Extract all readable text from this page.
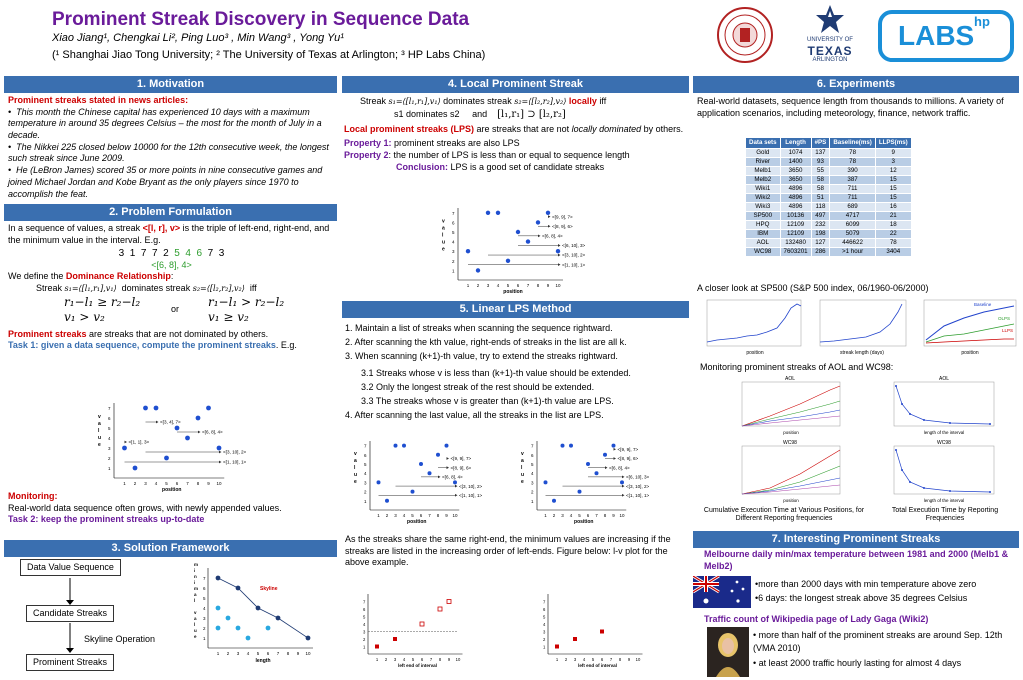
Prominent Streak Discovery in Sequence Data
Xiao Jiang¹, Chengkai Li², Ping Luo³ , Min Wang³ , Yong Yu¹
(¹ Shanghai Jiao Tong University; ² The University of Texas at Arlington; ³ HP Labs China)
UNIVERSITY OF
TEXAS
ARLINGTON
LABS hp
1. Motivation
Prominent streaks stated in news articles:
•  This month the Chinese capital has experienced 10 days with a maximum temperature in around 35 degrees Celsius – the most for the month of July in a decade.
•  The Nikkei 225 closed below 10000 for the 12th consecutive week, the longest such streak since June 2009.
•  He (LeBron James) scored 35 or more points in nine consecutive games and joined Michael Jordan and Kobe Bryant as the only players since 1970 to accomplish the feat.
2. Problem Formulation
In a sequence of values, a streak <[l, r], v> is the triple of left-end, right-end, and the minimum value in the interval. E.g.
3  1  7  7  2  5  4  6  7  3
<[6, 8], 4>
We define the Dominance Relationship:
Streak s₁=⟨[l₁,r₁],v₁⟩ dominates streak s₂=⟨[l₂,r₂],v₂⟩ iff
r₁−l₁ ≥ r₂−l₂
v₁ > v₂
or r₁−l₁ > r₂−l₂
v₁ ≥ v₂
Prominent streaks are streaks that are not dominated by others.
Task 1: given a data sequence, compute the prominent streaks. E.g.
1 2 3 4 5 6 7 8 9 10
1
2
3
4
5
6
7
position
v
a
l
u
e
<[3, 4], 7>
<[6, 8], 4>
<[1, 1], 3>
<[3, 10], 2>
<[1, 10], 1>
Monitoring:
Real-world data sequence often grows, with newly appended values.
Task 2: keep the prominent streaks up-to-date
3. Solution Framework
Data Value Sequence
Candidate Streaks
Skyline Operation
Prominent Streaks
1 2 3 4 5 6 7 8 9 10
1
2
3
4
5
6
7
length
m
i
n
i
m
a
l
v
a
l
u
e
Skyline
4. Local Prominent Streak
Streak s₁=⟨[l₁,r₁],v₁⟩ dominates streak s₂=⟨[l₂,r₂],v₂⟩ locally iff
s1 dominates s2 and [l₁,r₁] ⊃ [l₂,r₂]
Local prominent streaks (LPS) are streaks that are not locally dominated by others.
Property 1: prominent streaks are also LPS
Property 2: the number of LPS is less than or equal to sequence length
Conclusion: LPS is a good set of candidate streaks
1 2 3 4 5 6 7 8 9 10
1
2
3
4
5
6
7
position
v
a
l
u
e
<[9, 9], 7>
<[8, 9], 6>
<[6, 8], 4>
<[6, 10], 3>
<[3, 10], 2>
<[1, 10], 1>
5. Linear LPS Method
1. Maintain a list of streaks when scanning the sequence rightward.
2. After scanning the kth value, right-ends of streaks in the list are all k.
3. When scanning (k+1)-th value, try to extend the streaks rightward.
3.1 Streaks whose v is less than (k+1)-th value should be extended.
3.2 Only the longest streak of the rest should be extended.
3.3 The streaks whose v is greater than (k+1)-th value are LPS.
4. After scanning the last value, all the streaks in the list are LPS.
1 2 3 4 5 6 7 8 9 10
1
2
3
4
5
6
7
position
v
a
l
u
e
<[9, 9], 7>
<[8, 9], 6>
<[6, 8], 4>
<[3, 10], 2>
<[1, 10], 1>
1 2 3 4 5 6 7 8 9 10
1
2
3
4
5
6
7
position
v
a
l
u
e
<[9, 9], 7>
<[8, 9], 6>
<[6, 8], 4>
<[6, 10], 3>
<[3, 10], 2>
<[1, 10], 1>
As the streaks share the same right-end, the minimum values are increasing if the streaks are listed in the increasing order of left-ends. Figure below: l-v plot for the above example.
1 2 3 4 5 6 7 8 9 10
1
2
3
4
5
6
7
left end of interval
1 2 3 4 5 6 7 8 9 10
1
2
3
4
5
6
7
left end of interval
6. Experiments
Real-world datasets, sequence length from thousands to millions. A variety of application scenarios, including meteorology, finance, network traffic.
Data sets	Length	#PS	Baseline(ms)	LLPS(ms)
Gold	1074	137	78	9
River	1400	93	78	3
Melb1	3650	55	390	12
Melb2	3650	58	387	15
Wiki1	4896	58	711	15
Wiki2	4896	51	711	15
Wiki3	4896	118	689	16
SP500	10136	497	4717	21
HPQ	12109	232	6099	18
IBM	12109	198	5079	22
AOL	132480	127	446622	78
WC98	7603201	286	>1 hour	3404
A closer look at SP500 (S&P 500 index, 06/1960-06/2000)
position	streak length (days)
Baseline
OLPS
LLPS
position
Monitoring prominent streaks of AOL and WC98:
AOL
position
AOL
length of the interval
WC98
position
WC98
length of the interval
Cumulative Execution Time at Various Positions, for Different Reporting frequencies
Total Execution Time by Reporting Frequencies
7. Interesting Prominent Streaks
Melbourne daily min/max temperature between 1981 and 2000 (Melb1 & Melb2)
•more than 2000 days with min temperature above zero
•6 days: the longest streak above 35 degrees Celsius
Traffic count of Wikipedia page of Lady Gaga (Wiki2)
• more than half of the prominent streaks are around Sep. 12th (VMA 2010)
• at least 2000 traffic hourly lasting for almost 4 days
